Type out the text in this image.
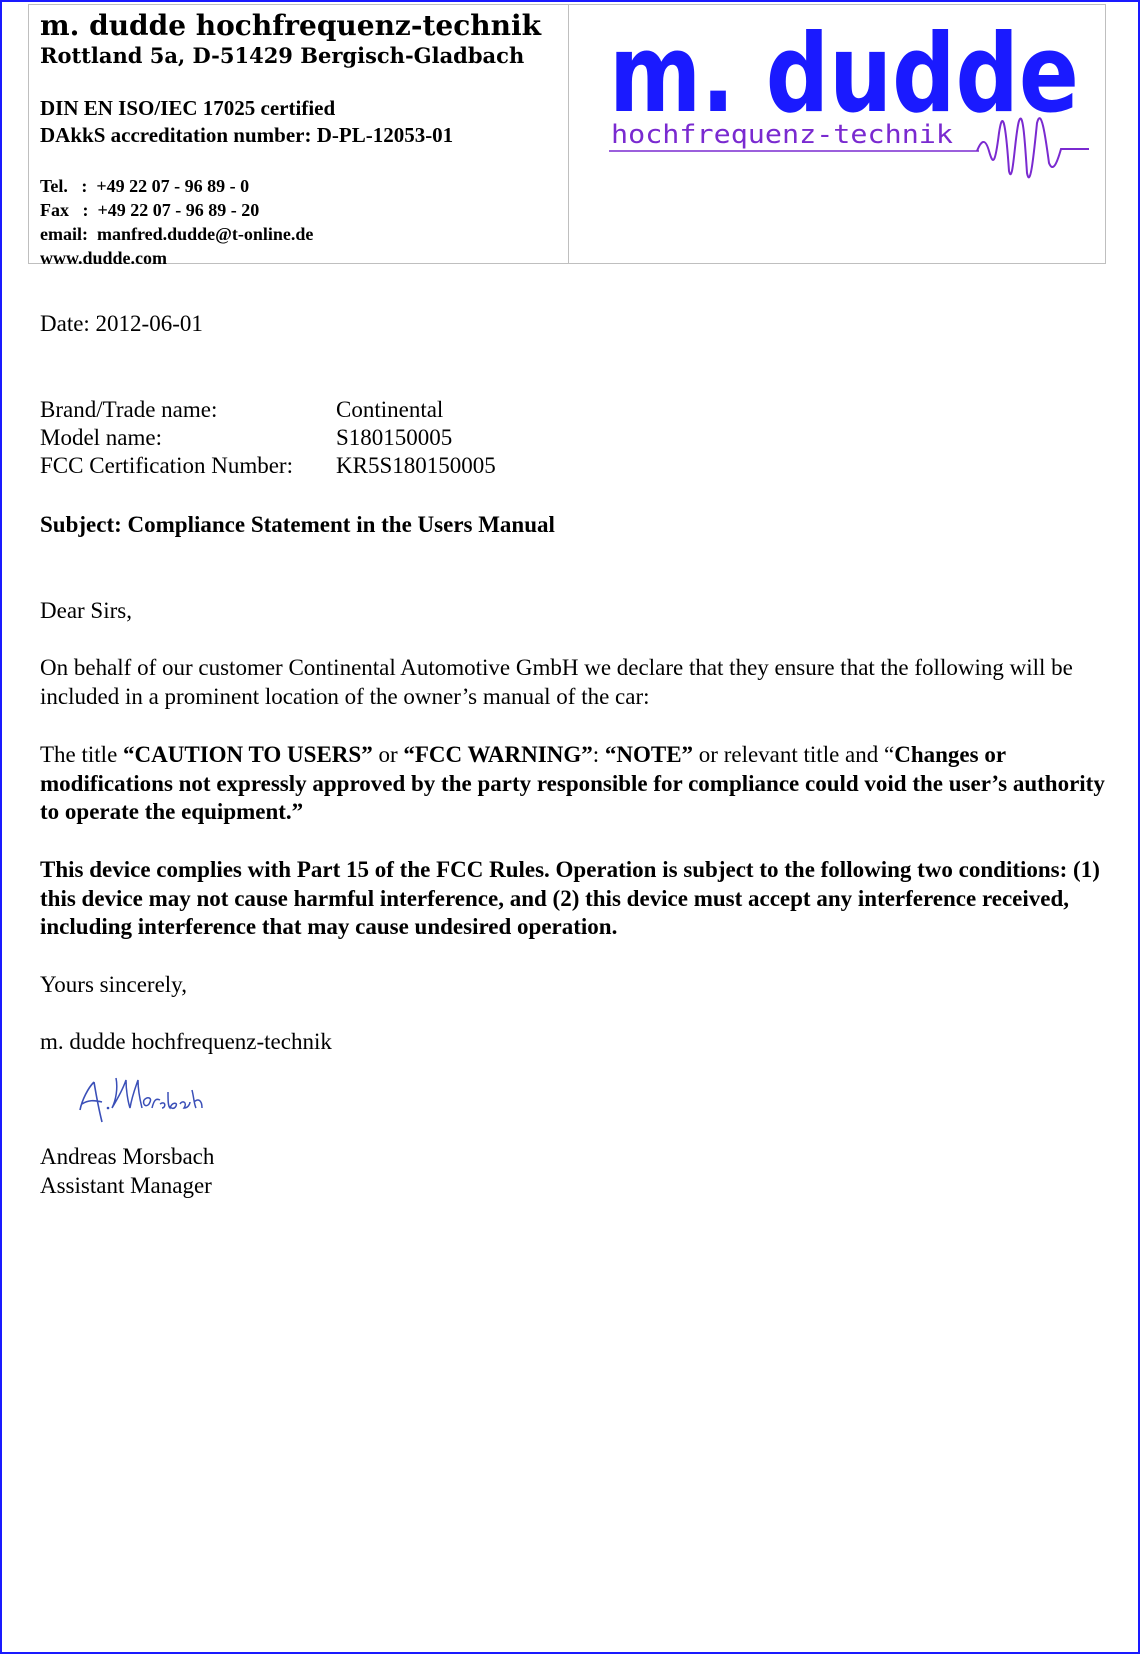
m. dudde hochfrequenz-technik

Rottland 5a, D-51429 Bergisch-Gladbach

DIN EN ISO/IEC 17025 certified

DAkkS accreditation number: D-PL-12053-01

Tel.   :  +49 22 07 - 96 89 - 0

Fax   :  +49 22 07 - 96 89 - 20

email:  manfred.dudde@t-online.de

www.dudde.com

m. dudde
hochfrequenz-technik
Date: 2012-06-01
Brand/Trade name:	Continental
Model name:	S180150005
FCC Certification Number:	KR5S180150005
Subject: Compliance Statement in the Users Manual
Dear Sirs,
On behalf of our customer Continental Automotive GmbH we declare that they ensure that the following will be included in a prominent location of the owner’s manual of the car:
The title “CAUTION TO USERS” or “FCC WARNING”: “NOTE” or relevant title and “Changes or modifications not expressly approved by the party responsible for compliance could void the user’s authority to operate the equipment.”
This device complies with Part 15 of the FCC Rules. Operation is subject to the following two conditions: (1) this device may not cause harmful interference, and (2) this device must accept any interference received, including interference that may cause undesired operation.
Yours sincerely,
m. dudde hochfrequenz-technik
Andreas Morsbach
Assistant Manager
